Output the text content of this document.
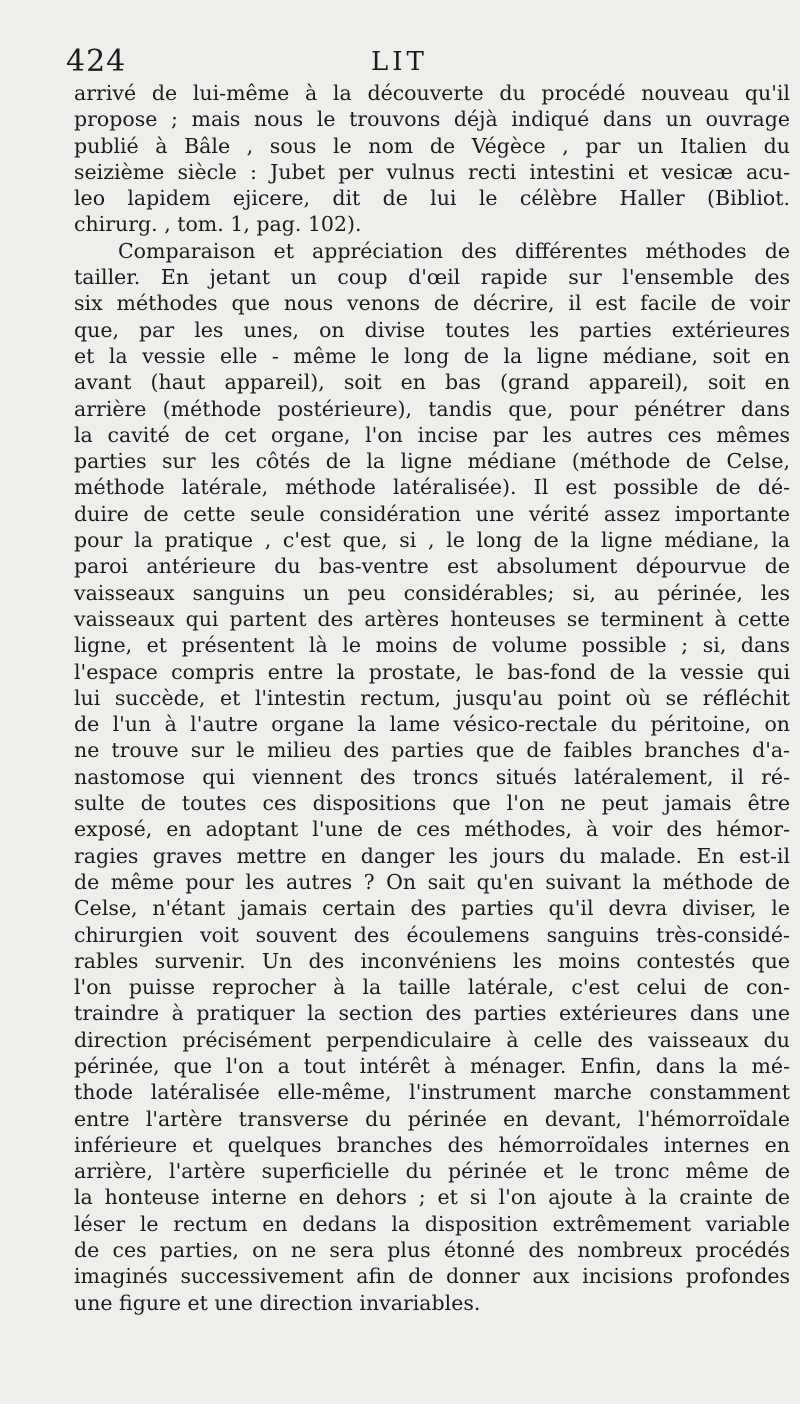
424	LIT
arrivé de lui-même à la découverte du procédé nouveau qu'il
propose ; mais nous le trouvons déjà indiqué dans un ouvrage
publié à Bâle , sous le nom de Végèce , par un Italien du
seizième siècle : Jubet per vulnus recti intestini et vesicæ acu-
leo lapidem ejicere, dit de lui le célèbre Haller (Bibliot.
chirurg. , tom. 1, pag. 102).
Comparaison et appréciation des différentes méthodes de
tailler. En jetant un coup d'œil rapide sur l'ensemble des
six méthodes que nous venons de décrire, il est facile de voir
que, par les unes, on divise toutes les parties extérieures
et la vessie elle - même le long de la ligne médiane, soit en
avant (haut appareil), soit en bas (grand appareil), soit en
arrière (méthode postérieure), tandis que, pour pénétrer dans
la cavité de cet organe, l'on incise par les autres ces mêmes
parties sur les côtés de la ligne médiane (méthode de Celse,
méthode latérale, méthode latéralisée). Il est possible de dé-
duire de cette seule considération une vérité assez importante
pour la pratique , c'est que, si , le long de la ligne médiane, la
paroi antérieure du bas-ventre est absolument dépourvue de
vaisseaux sanguins un peu considérables; si, au périnée, les
vaisseaux qui partent des artères honteuses se terminent à cette
ligne, et présentent là le moins de volume possible ; si, dans
l'espace compris entre la prostate, le bas-fond de la vessie qui
lui succède, et l'intestin rectum, jusqu'au point où se réfléchit
de l'un à l'autre organe la lame vésico-rectale du péritoine, on
ne trouve sur le milieu des parties que de faibles branches d'a-
nastomose qui viennent des troncs situés latéralement, il ré-
sulte de toutes ces dispositions que l'on ne peut jamais être
exposé, en adoptant l'une de ces méthodes, à voir des hémor-
ragies graves mettre en danger les jours du malade. En est-il
de même pour les autres ? On sait qu'en suivant la méthode de
Celse, n'étant jamais certain des parties qu'il devra diviser, le
chirurgien voit souvent des écoulemens sanguins très-considé-
rables survenir. Un des inconvéniens les moins contestés que
l'on puisse reprocher à la taille latérale, c'est celui de con-
traindre à pratiquer la section des parties extérieures dans une
direction précisément perpendiculaire à celle des vaisseaux du
périnée, que l'on a tout intérêt à ménager. Enfin, dans la mé-
thode latéralisée elle-même, l'instrument marche constamment
entre l'artère transverse du périnée en devant, l'hémorroïdale
inférieure et quelques branches des hémorroïdales internes en
arrière, l'artère superficielle du périnée et le tronc même de
la honteuse interne en dehors ; et si l'on ajoute à la crainte de
léser le rectum en dedans la disposition extrêmement variable
de ces parties, on ne sera plus étonné des nombreux procédés
imaginés successivement afin de donner aux incisions profondes
une figure et une direction invariables.
